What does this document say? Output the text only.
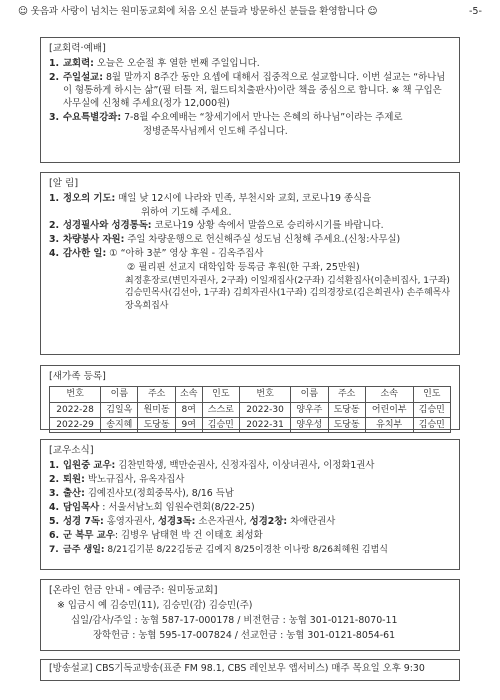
☺ 웃음과 사랑이 넘치는 원미동교회에 처음 오신 분들과 방문하신 분들을 환영합니다 ☺	-5-
[교회력·예배]
1. 교회력: 오늘은 오순절 후 열한 번째 주일입니다.
2. 주일설교: 8월 말까지 8주간 동안 요셉에 대해서 집중적으로 설교합니다. 이번 설교는 “하나님이 형통하게 하시는 삶”(필 터틀 저, 월드티치출판사)이란 책을 중심으로 합니다. ※ 책 구입은 사무실에 신청해 주세요(정가 12,000원)
3. 수요특별강좌: 7-8월 수요예배는 “창세기에서 만나는 은혜의 하나님”이라는 주제로
정병준목사님께서 인도해 주십니다.
[알 림]
1. 정오의 기도: 매일 낮 12시에 나라와 민족, 부천시와 교회, 코로나19 종식을
위하여 기도해 주세요.
2. 성경필사와 성경통독: 코로나19 상황 속에서 말씀으로 승리하시기를 바랍니다.
3. 차량봉사 자원: 주일 차량운행으로 헌신해주실 성도님 신청해 주세요.(신청:사무실)
4. 감사한 일: ① “아하 3분” 영상 후원 - 김옥주집사
② 필리핀 선교지 대학입학 등록금 후원(한 구좌, 25만원)
최정훈장로(변민자권사, 2구좌) 이일재집사(2구좌) 김석환집사(이춘비집사, 1구좌)
김승민목사(김선아, 1구좌) 김희자권사(1구좌) 김의경장로(김은희권사) 손주혜목사
장옥희집사
[새가족 등록]
번호	이름	주소	소속	인도	번호	이름	주소	소속	인도
2022-28	김일옥	원미동	8여	스스로	2022-30	양우주	도당동	어린이부	김승민
2022-29	송지혜	도당동	9여	김승민	2022-31	양우성	도당동	유치부	김승민
[교우소식]
1. 입원중 교우: 김찬민학생, 백만순권사, 신정자집사, 이상녀권사, 이정화1권사
2. 퇴원: 박노규집사, 유옥자집사
3. 출산: 김예진사모(정희중목사), 8/16 득남
4. 담임목사 : 서울서남노회 임원수련회(8/22-25)
5. 성경 7독: 홍영자권사, 성경3독: 소은자권사, 성경2창: 차애란권사
6. 군 복무 교우: 김병우 남태현 박 건 이태호 최성화
7. 금주 생일: 8/21김기분 8/22김동균 김예지 8/25이경찬 이나랑 8/26최혜원 김범식
[온라인 헌금 안내 - 예금주: 원미동교회]
※ 입금시 예 김승민(11), 김승민(감) 김승민(주)
십일/감사/주일 : 농협 587-17-000178 / 비전헌금 : 농협 301-0121-8070-11
장학헌금 : 농협 595-17-007824 / 선교헌금 : 농협 301-0121-8054-61
[방송설교] CBS기독교방송(표준 FM 98.1, CBS 레인보우 앱서비스) 매주 목요일 오후 9:30
